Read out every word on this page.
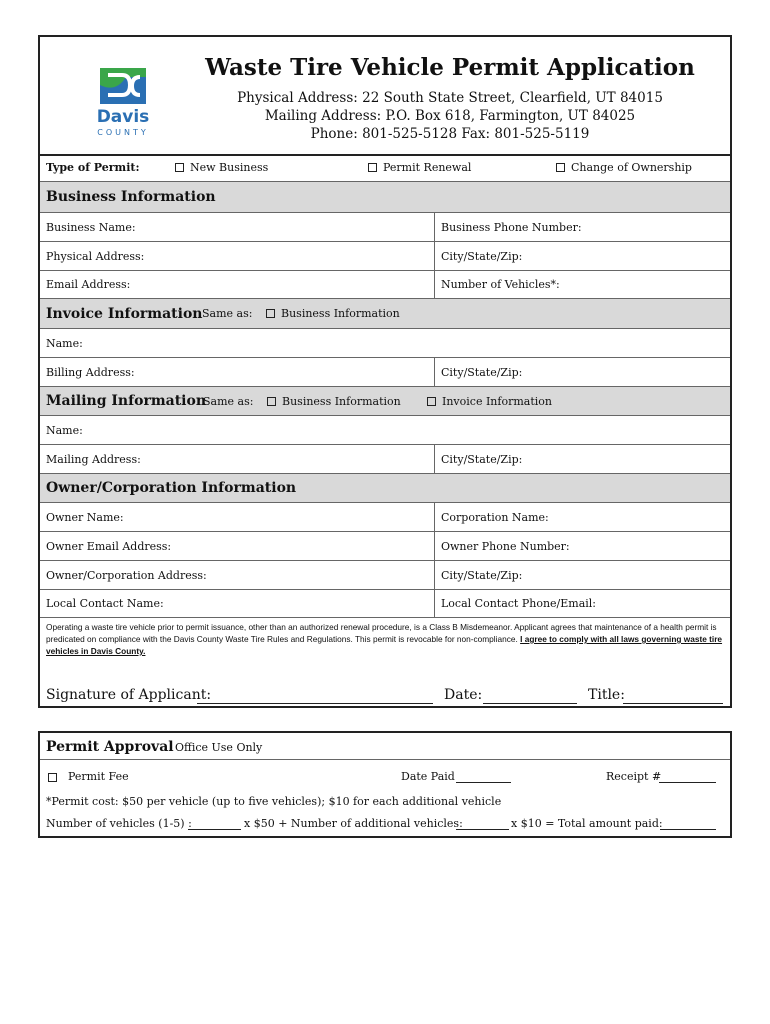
Davis
COUNTY
Waste Tire Vehicle Permit Application
Physical Address: 22 South State Street, Clearfield, UT 84015
Mailing Address: P.O. Box 618, Farmington, UT 84025
Phone: 801-525-5128 Fax: 801-525-5119
Type of Permit:	New Business	Permit Renewal	Change of Ownership
Business Information
Business Name:	Business Phone Number:
Physical Address:	City/State/Zip:
Email Address:	Number of Vehicles*:
Invoice Information Same as:	Business Information
Name:
Billing Address:	City/State/Zip:
Mailing Information
Same as:	Business Information	Invoice Information
Name:
Mailing Address:	City/State/Zip:
Owner/Corporation Information
Owner Name:	Corporation Name:
Owner Email Address:	Owner Phone Number:
Owner/Corporation Address:	City/State/Zip:
Local Contact Name:	Local Contact Phone/Email:
Operating a waste tire vehicle prior to permit issuance, other than an authorized renewal procedure, is a Class B Misdemeanor. Applicant agrees that maintenance of a health permit is predicated on compliance with the Davis County Waste Tire Rules and Regulations. This permit is revocable for non-compliance. I agree to comply with all laws governing waste tire vehicles in Davis County.
Signature of Applicant:	Date:	Title:
Permit Approval Office Use Only
Permit Fee	Date Paid	Receipt #
*Permit cost: $50 per vehicle (up to five vehicles); $10 for each additional vehicle
Number of vehicles (1-5) :	x $50 + Number of additional vehicles:	x $10 = Total amount paid:
